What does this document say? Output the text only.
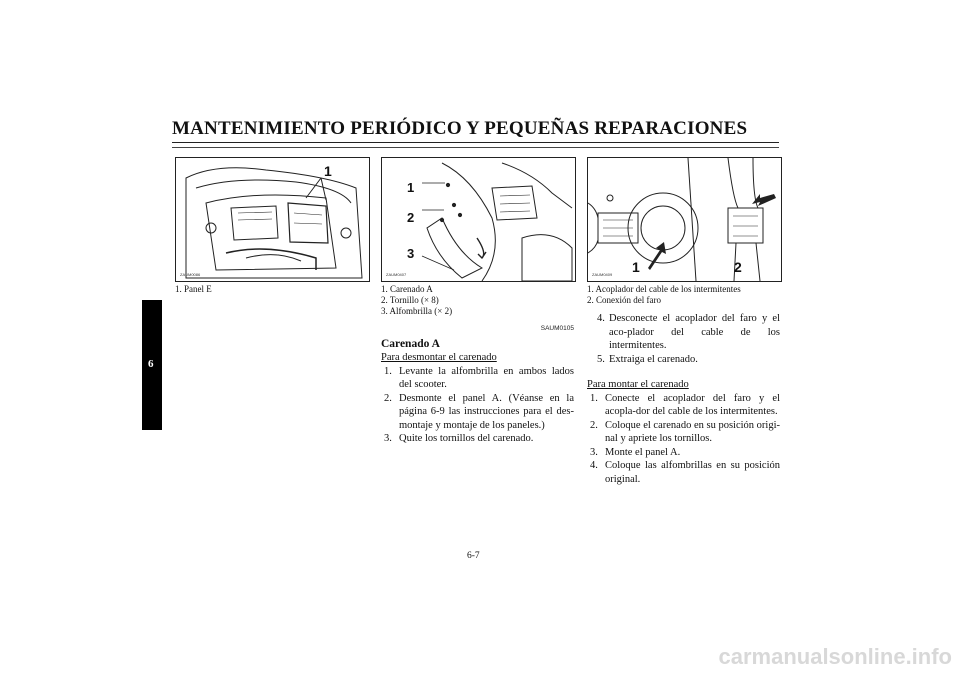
MANTENIMIENTO PERIÓDICO Y PEQUEÑAS REPARACIONES
6
1
ZAUM0086
1
2
3
ZAUM0407	1	2
ZAUM0409
1. Panel E	1. Carenado A
2. Tornillo (× 8)
3. Alfombrilla (× 2)
1. Acoplador del cable de los intermitentes
2. Conexión del faro
SAUM0105
Carenado A
Para desmontar el carenado
1. Levante la alfombrilla en ambos lados del scooter.
2. Desmonte el panel A. (Véanse en la página 6-9 las instrucciones para el des-montaje y montaje de los paneles.)
3. Quite los tornillos del carenado.
4. Desconecte el acoplador del faro y el aco-plador del cable de los intermitentes.
5. Extraiga el carenado.
Para montar el carenado
1. Conecte el acoplador del faro y el acopla-dor del cable de los intermitentes.
2. Coloque el carenado en su posición origi-nal y apriete los tornillos.
3. Monte el panel A.
4. Coloque las alfombrillas en su posición original.
6-7
carmanualsonline.info
